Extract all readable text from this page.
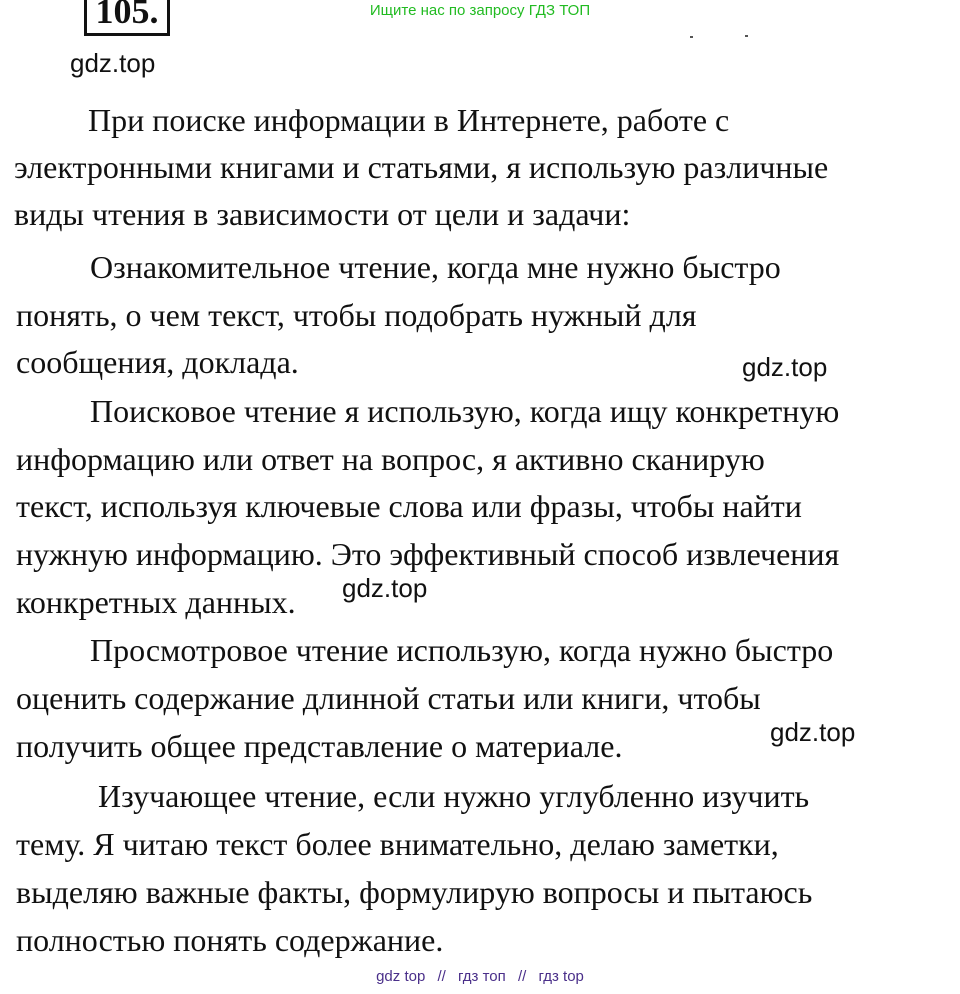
Ищите нас по запросу ГДЗ ТОП
105.
gdz.top
gdz.top
gdz.top
gdz.top
При поиске информации в Интернете, работе с
электронными книгами и статьями, я использую различные
виды чтения в зависимости от цели и задачи:
Ознакомительное чтение, когда мне нужно быстро
понять, о чем текст, чтобы подобрать нужный для
сообщения, доклада.
Поисковое чтение я использую, когда ищу конкретную
информацию или ответ на вопрос, я активно сканирую
текст, используя ключевые слова или фразы, чтобы найти
нужную информацию. Это эффективный способ извлечения
конкретных данных.
Просмотровое чтение использую, когда нужно быстро
оценить содержание длинной статьи или книги, чтобы
получить общее представление о материале.
Изучающее чтение, если нужно углубленно изучить
тему. Я читаю текст более внимательно, делаю заметки,
выделяю важные факты, формулирую вопросы и пытаюсь
полностью понять содержание.
gdz top // гдз топ // гдз top
